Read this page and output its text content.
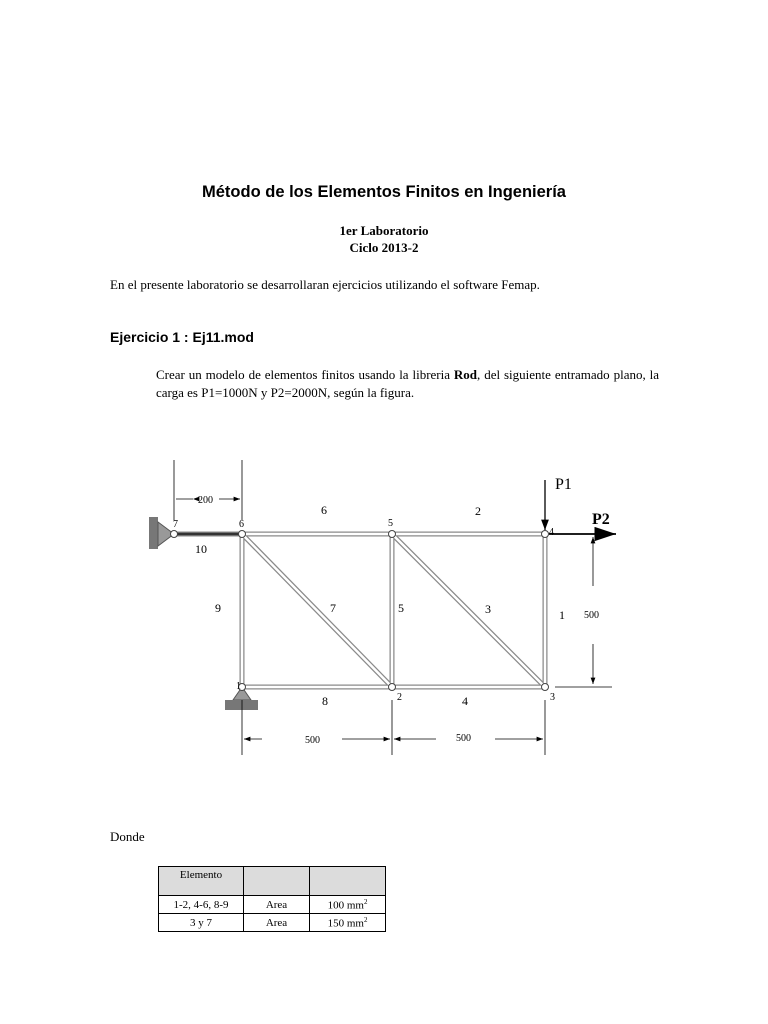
Método de los Elementos Finitos en Ingeniería
1er Laboratorio
Ciclo 2013-2
En el presente laboratorio se desarrollaran ejercicios utilizando el software Femap.
Ejercicio 1 : Ej11.mod
Crear un modelo de elementos finitos usando la libreria Rod, del siguiente entramado plano, la carga es P1=1000N y P2=2000N, según la figura.
1
2	3
4
5
6
7
1
2
3
4
5
6
7
8
9
10
P1
P2
200
500	500
500
Donde
Elemento		
1-2, 4-6, 8-9	Area	100 $mm^2$
3 y 7	Area	150 $mm^2$
